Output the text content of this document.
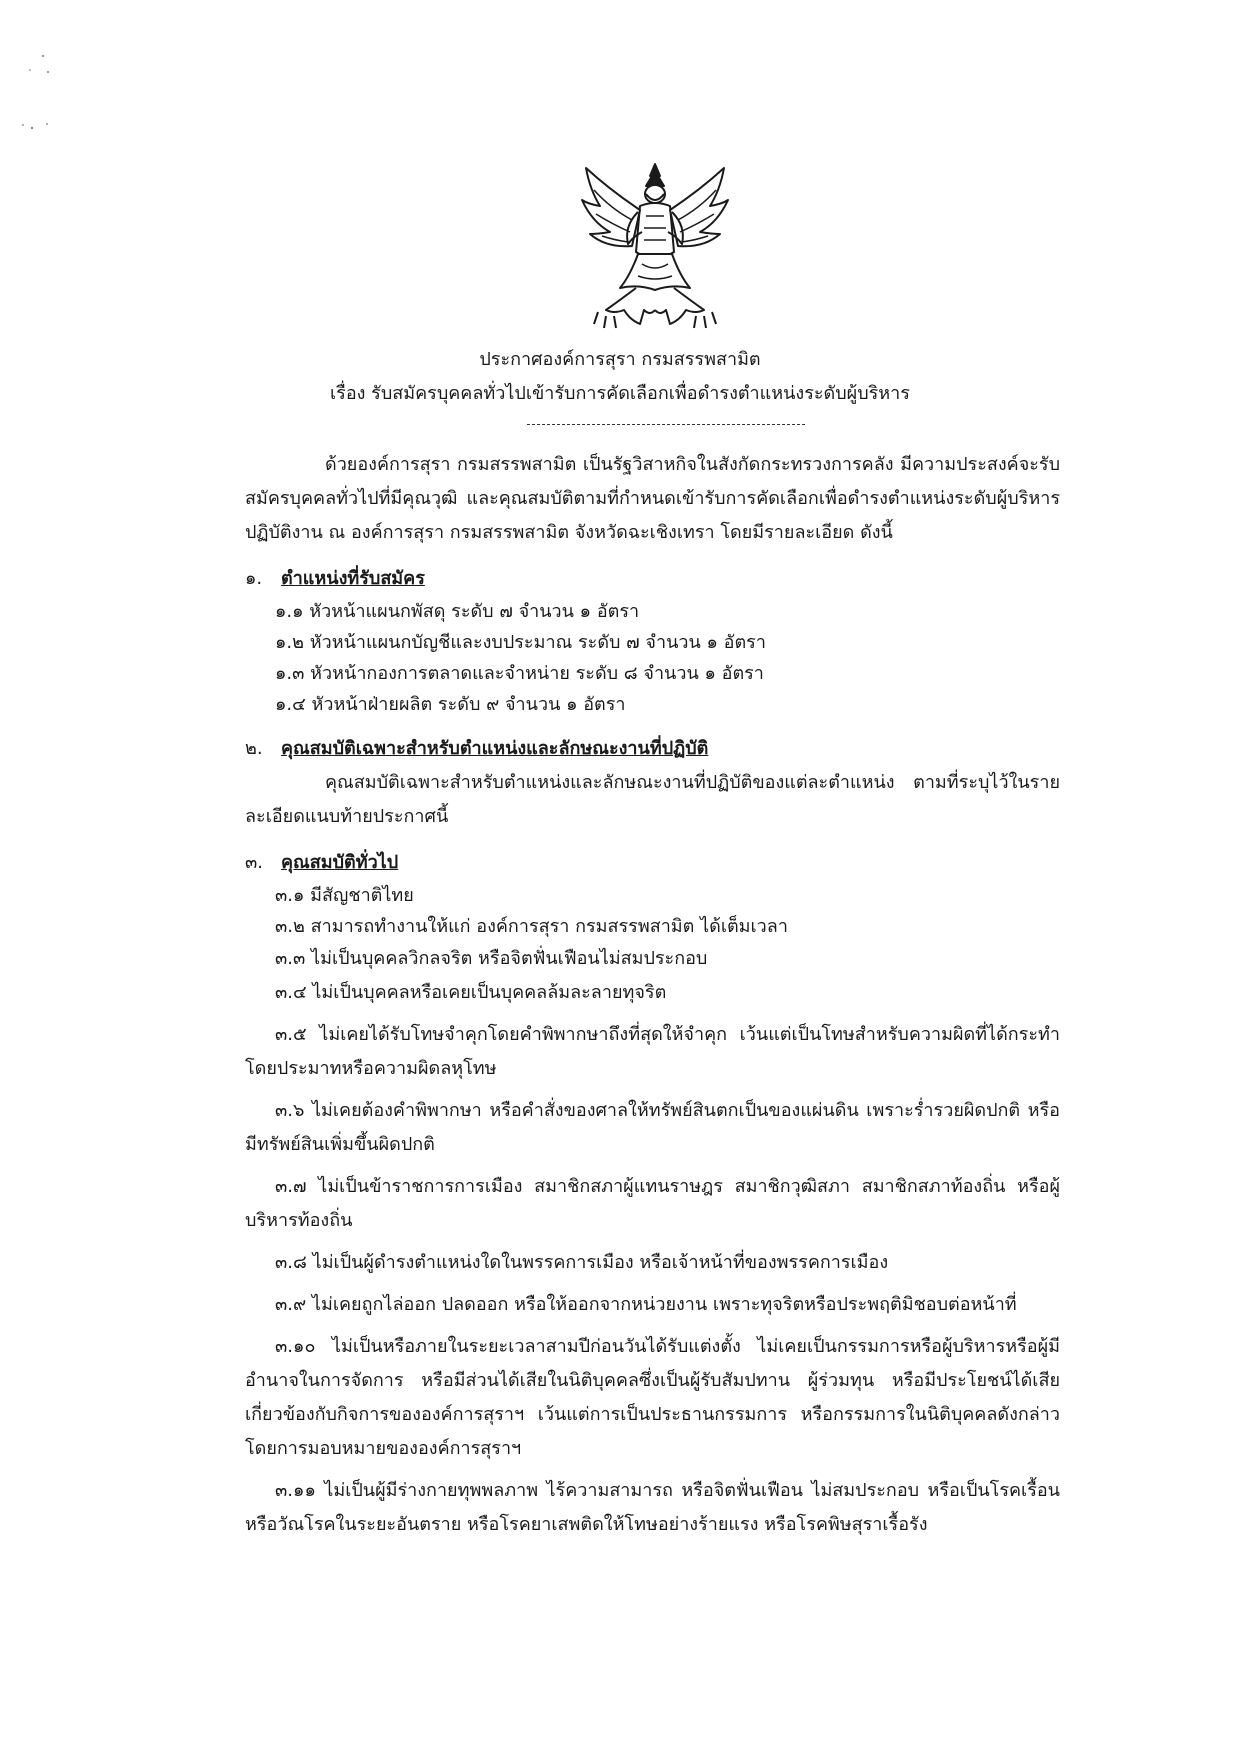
ประกาศองค์การสุรา กรมสรรพสามิต
เรื่อง รับสมัครบุคคลทั่วไปเข้ารับการคัดเลือกเพื่อดำรงตำแหน่งระดับผู้บริหาร

ด้วยองค์การสุรา กรมสรรพสามิต เป็นรัฐวิสาหกิจในสังกัดกระทรวงการคลัง มีความประสงค์จะรับสมัครบุคคลทั่วไปที่มีคุณวุฒิ และคุณสมบัติตามที่กำหนดเข้ารับการคัดเลือกเพื่อดำรงตำแหน่งระดับผู้บริหาร ปฏิบัติงาน ณ องค์การสุรา กรมสรรพสามิต จังหวัดฉะเชิงเทรา โดยมีรายละเอียด ดังนี้

๑.	ตำแหน่งที่รับสมัคร
๑.๑ หัวหน้าแผนกพัสดุ ระดับ ๗ จำนวน ๑ อัตรา
๑.๒ หัวหน้าแผนกบัญชีและงบประมาณ ระดับ ๗ จำนวน ๑ อัตรา
๑.๓ หัวหน้ากองการตลาดและจำหน่าย ระดับ ๘ จำนวน ๑ อัตรา
๑.๔ หัวหน้าฝ่ายผลิต ระดับ ๙ จำนวน ๑ อัตรา
๒.	คุณสมบัติเฉพาะสำหรับตำแหน่งและลักษณะงานที่ปฏิบัติ

คุณสมบัติเฉพาะสำหรับตำแหน่งและลักษณะงานที่ปฏิบัติของแต่ละตำแหน่ง ตามที่ระบุไว้ในรายละเอียดแนบท้ายประกาศนี้

๓. คุณสมบัติทั่วไป
๓.๑ มีสัญชาติไทย
๓.๒ สามารถทำงานให้แก่ องค์การสุรา กรมสรรพสามิต ได้เต็มเวลา
๓.๓ ไม่เป็นบุคคลวิกลจริต หรือจิตฟั่นเฟือนไม่สมประกอบ
๓.๔ ไม่เป็นบุคคลหรือเคยเป็นบุคคลล้มละลายทุจริต
๓.๕ ไม่เคยได้รับโทษจำคุกโดยคำพิพากษาถึงที่สุดให้จำคุก เว้นแต่เป็นโทษสำหรับความผิดที่ได้กระทำโดยประมาทหรือความผิดลหุโทษ
๓.๖ ไม่เคยต้องคำพิพากษา หรือคำสั่งของศาลให้ทรัพย์สินตกเป็นของแผ่นดิน เพราะร่ำรวยผิดปกติ หรือมีทรัพย์สินเพิ่มขึ้นผิดปกติ
๓.๗ ไม่เป็นข้าราชการการเมือง สมาชิกสภาผู้แทนราษฎร สมาชิกวุฒิสภา สมาชิกสภาท้องถิ่น หรือผู้บริหารท้องถิ่น
๓.๘ ไม่เป็นผู้ดำรงตำแหน่งใดในพรรคการเมือง หรือเจ้าหน้าที่ของพรรคการเมือง
๓.๙ ไม่เคยถูกไล่ออก ปลดออก หรือให้ออกจากหน่วยงาน เพราะทุจริตหรือประพฤติมิชอบต่อหน้าที่
๓.๑๐ ไม่เป็นหรือภายในระยะเวลาสามปีก่อนวันได้รับแต่งตั้ง ไม่เคยเป็นกรรมการหรือผู้บริหารหรือผู้มีอำนาจในการจัดการ หรือมีส่วนได้เสียในนิติบุคคลซึ่งเป็นผู้รับสัมปทาน ผู้ร่วมทุน หรือมีประโยชน์ได้เสียเกี่ยวข้องกับกิจการขององค์การสุราฯ เว้นแต่การเป็นประธานกรรมการ หรือกรรมการในนิติบุคคลดังกล่าวโดยการมอบหมายขององค์การสุราฯ
๓.๑๑ ไม่เป็นผู้มีร่างกายทุพพลภาพ ไร้ความสามารถ หรือจิตฟั่นเฟือน ไม่สมประกอบ หรือเป็นโรคเรื้อนหรือวัณโรคในระยะอันตราย หรือโรคยาเสพติดให้โทษอย่างร้ายแรง หรือโรคพิษสุราเรื้อรัง
